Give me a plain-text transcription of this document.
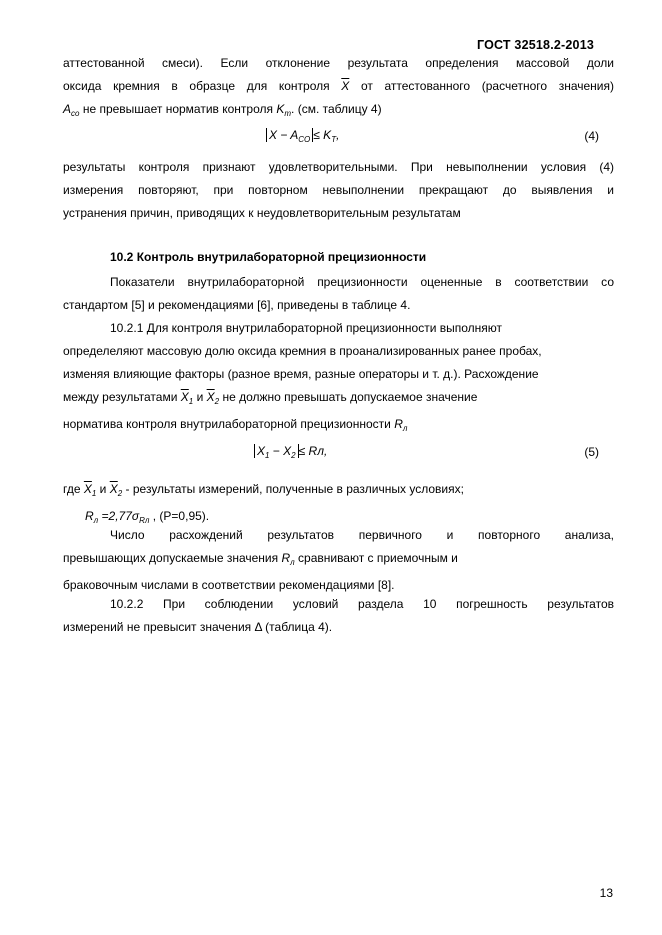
ГОСТ 32518.2-2013
аттестованной смеси). Если отклонение результата определения массовой доли
оксида кремния в образце для контроля $\overline{X}$ от аттестованного (расчетного значения)
$A_{со}$ не превышает норматив контроля $K_т$. (см. таблицу 4)
$X - A_{CO} \le K_T$,	(4)
результаты контроля признают удовлетворительными. При невыполнении условия (4)
измерения повторяют, при повторном невыполнении прекращают до выявления и
устранения причин, приводящих к неудовлетворительным результатам
10.2 Контроль внутрилабораторной прецизионности
Показатели внутрилабораторной прецизионности оцененные в соответствии со
стандартом [5] и рекомендациями [6], приведены в таблице 4.
10.2.1 Для контроля внутрилабораторной прецизионности выполняют
определеляют массовую долю оксида кремния в проанализированных ранее пробах,
изменяя влияющие факторы (разное время, разные операторы и т. д.). Расхождение
между результатами $\overline{X}_1$ и $\overline{X}_2$ не должно превышать допускаемое значение
норматива контроля внутрилабораторной прецизионности $R_л$
$X_1 - X_2$ ≤ Rл,	(5)
где $\overline{X}_1$ и $\overline{X}_2$ - результаты измерений, полученные в различных условиях;
$R_л =2,77\sigma_{Rл}$ , (P=0,95).
Число расхождений результатов первичного и повторного анализа,
превышающих допускаемые значения $R_л$ сравнивают с приемочным и
браковочным числами в соответствии рекомендациями [8].
10.2.2 При соблюдении условий раздела 10 погрешность результатов
измерений не превысит значения Δ (таблица 4).
13
